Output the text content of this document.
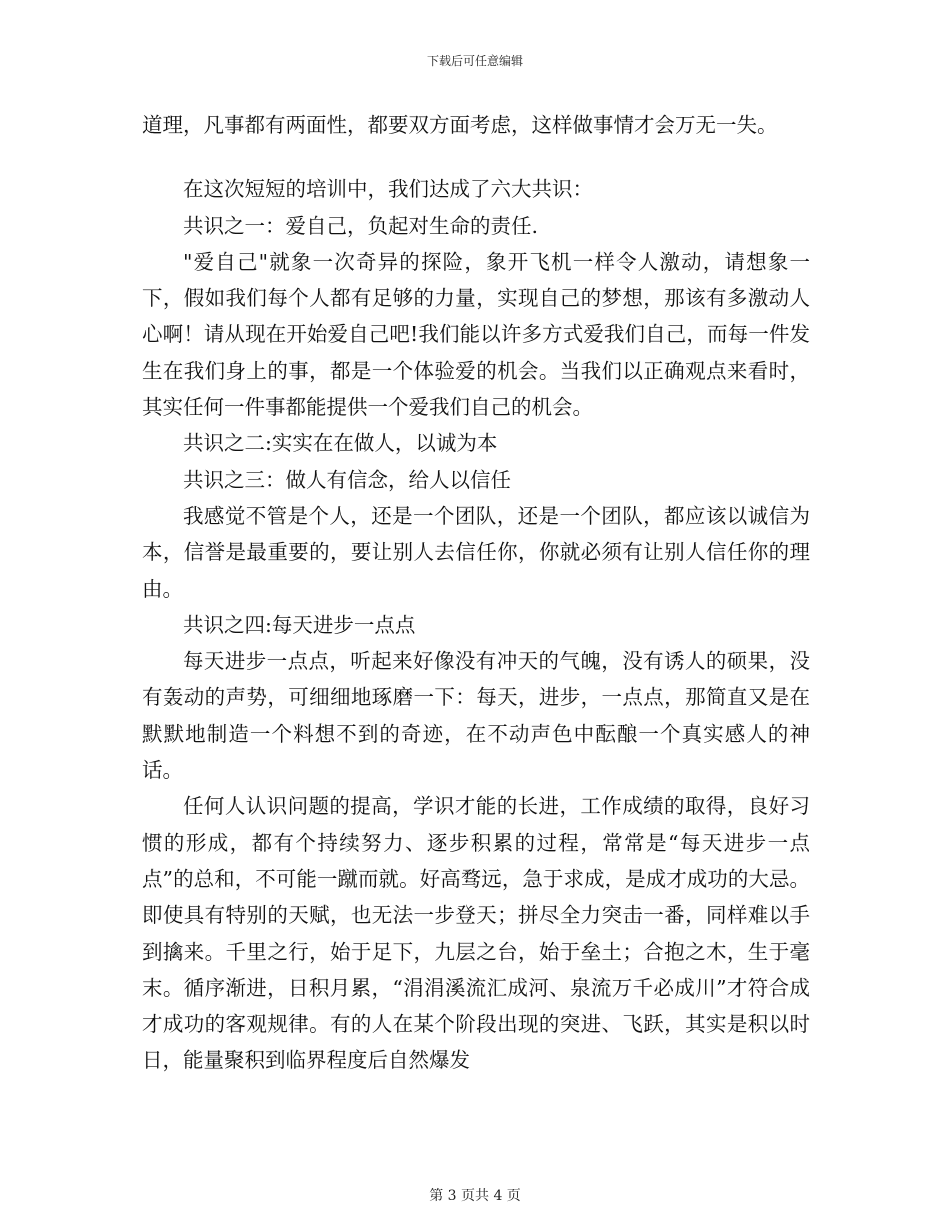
下载后可任意编辑

道理，凡事都有两面性，都要双方面考虑，这样做事情才会万无一失。

在这次短短的培训中，我们达成了六大共识：

共识之一：爱自己，负起对生命的责任.

"爱自己"就象一次奇异的探险，象开飞机一样令人激动，请想象一下，假如我们每个人都有足够的力量，实现自己的梦想，那该有多激动人心啊！请从现在开始爱自己吧!我们能以许多方式爱我们自己，而每一件发生在我们身上的事，都是一个体验爱的机会。当我们以正确观点来看时，其实任何一件事都能提供一个爱我们自己的机会。

共识之二:实实在在做人，以诚为本

共识之三：做人有信念，给人以信任

我感觉不管是个人，还是一个团队，还是一个团队，都应该以诚信为本，信誉是最重要的，要让别人去信任你，你就必须有让别人信任你的理由。

共识之四:每天进步一点点

每天进步一点点，听起来好像没有冲天的气魄，没有诱人的硕果，没有轰动的声势，可细细地琢磨一下：每天，进步，一点点，那简直又是在默默地制造一个料想不到的奇迹，在不动声色中酝酿一个真实感人的神话。

任何人认识问题的提高，学识才能的长进，工作成绩的取得，良好习惯的形成，都有个持续努力、逐步积累的过程，常常是“每天进步一点点”的总和，不可能一蹴而就。好高骛远，急于求成，是成才成功的大忌。即使具有特别的天赋，也无法一步登天；拼尽全力突击一番，同样难以手到擒来。千里之行，始于足下，九层之台，始于垒土；合抱之木，生于毫末。循序渐进，日积月累，“涓涓溪流汇成河、泉流万千必成川”才符合成才成功的客观规律。有的人在某个阶段出现的突进、飞跃，其实是积以时日，能量聚积到临界程度后自然爆发

第 3 页共 4 页
